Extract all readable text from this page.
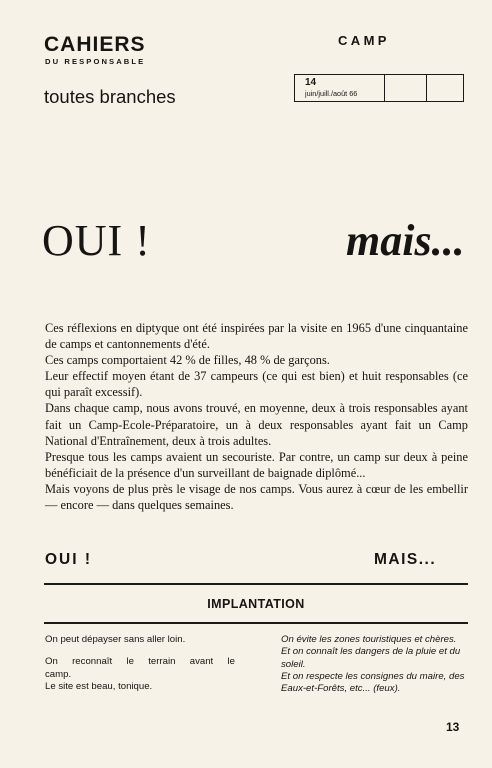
CAHIERS
DU RESPONSABLE
toutes branches
CAMP
14
juin/juill./août 66
OUI !	mais...

Ces réflexions en diptyque ont été inspirées par la visite en 1965 d'une cinquantaine de camps et cantonnements d'été.

Ces camps comportaient 42 % de filles, 48 % de garçons.

Leur effectif moyen étant de 37 campeurs (ce qui est bien) et huit responsables (ce qui paraît excessif).

Dans chaque camp, nous avons trouvé, en moyenne, deux à trois responsables ayant fait un Camp-Ecole-Préparatoire, un à deux responsables ayant fait un Camp National d'Entraînement, deux à trois adultes.

Presque tous les camps avaient un secouriste. Par contre, un camp sur deux à peine bénéficiait de la présence d'un surveillant de baignade diplômé...

Mais voyons de plus près le visage de nos camps. Vous aurez à cœur de les embellir — encore — dans quelques semaines.

OUI !	MAIS...
IMPLANTATION

On peut dépayser sans aller loin.

On reconnaît le terrain avant le

camp.

Le site est beau, tonique.

On évite les zones touristiques et chères.

Et on connaît les dangers de la pluie et du soleil.

Et on respecte les consignes du maire, des Eaux-et-Forêts, etc... (feux).

13
